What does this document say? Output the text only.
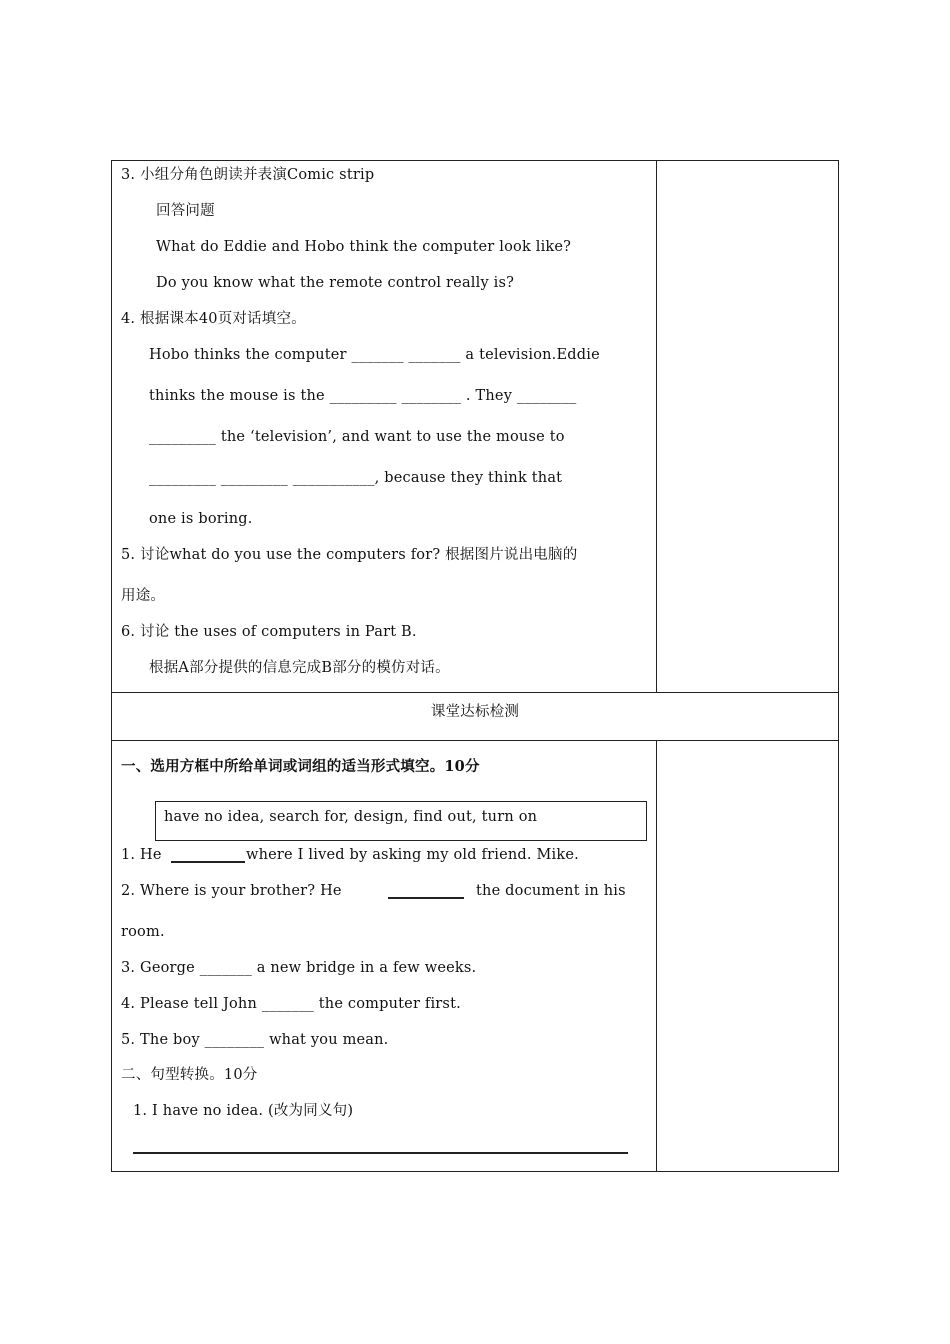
3. 小组分角色朗读并表演Comic strip
回答问题
What do Eddie and Hobo think the computer look like?
Do you know what the remote control really is?
4. 根据课本40页对话填空。
Hobo thinks the computer _______ _______ a television.Eddie
thinks the mouse is the _________ ________ . They ________
_________ the ‘television’, and want to use the mouse to
_________ _________ ___________, because they think that
one is boring.
5. 讨论what do you use the computers for? 根据图片说出电脑的
用途。
6. 讨论 the uses of computers in Part B.
根据A部分提供的信息完成B部分的模仿对话。
课堂达标检测
一、选用方框中所给单词或词组的适当形式填空。10分
have no idea, search for, design, find out, turn on
1. He	where I lived by asking my old friend. Mike.
2. Where is your brother? He	the document in his
room.
3. George _______ a new bridge in a few weeks.
4. Please tell John _______ the computer first.
5. The boy ________ what you mean.
二、句型转换。10分
1. I have no idea. (改为同义句)
